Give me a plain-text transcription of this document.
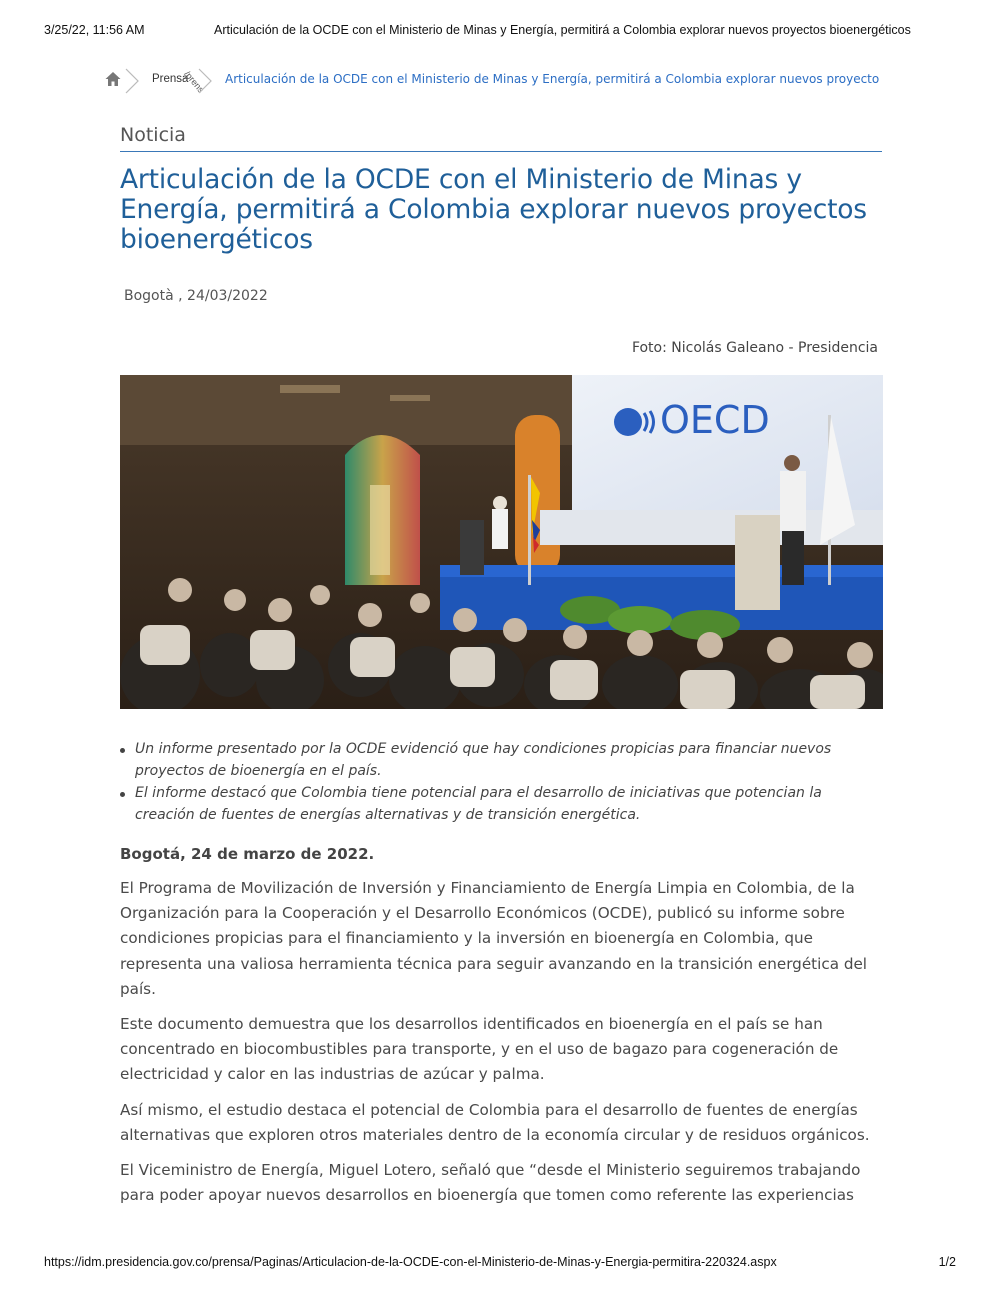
3/25/22, 11:56 AM	Articulación de la OCDE con el Ministerio de Minas y Energía, permitirá a Colombia explorar nuevos proyectos bioenergéticos
Prensa
/prens Articulación de la OCDE con el Ministerio de Minas y Energía, permitirá a Colombia explorar nuevos proyecto
Noticia
Articulación de la OCDE con el Ministerio de Minas y Energía, permitirá a Colombia explorar nuevos proyectos bioenergéticos
Bogotà , 24/03/2022
Foto: Nicolás Galeano - Presidencia
OECD
Un informe presentado por la OCDE evidenció que hay condiciones propicias para financiar nuevos proyectos de bioenergía en el país.
El informe destacó que Colombia tiene potencial para el desarrollo de iniciativas que potencian la creación de fuentes de energías alternativas y de transición energética.
Bogotá, 24 de marzo de 2022.

El Programa de Movilización de Inversión y Financiamiento de Energía Limpia en Colombia, de la Organización para la Cooperación y el Desarrollo Económicos (OCDE), publicó su informe sobre condiciones propicias para el financiamiento y la inversión en bioenergía en Colombia, que representa una valiosa herramienta técnica para seguir avanzando en la transición energética del país.

Este documento demuestra que los desarrollos identificados en bioenergía en el país se han concentrado en biocombustibles para transporte, y en el uso de bagazo para cogeneración de electricidad y calor en las industrias de azúcar y palma.

Así mismo, el estudio destaca el potencial de Colombia para el desarrollo de fuentes de energías alternativas que exploren otros materiales dentro de la economía circular y de residuos orgánicos.

El Viceministro de Energía, Miguel Lotero, señaló que “desde el Ministerio seguiremos trabajando para poder apoyar nuevos desarrollos en bioenergía que tomen como referente las experiencias

https://idm.presidencia.gov.co/prensa/Paginas/Articulacion-de-la-OCDE-con-el-Ministerio-de-Minas-y-Energia-permitira-220324.aspx	1/2
